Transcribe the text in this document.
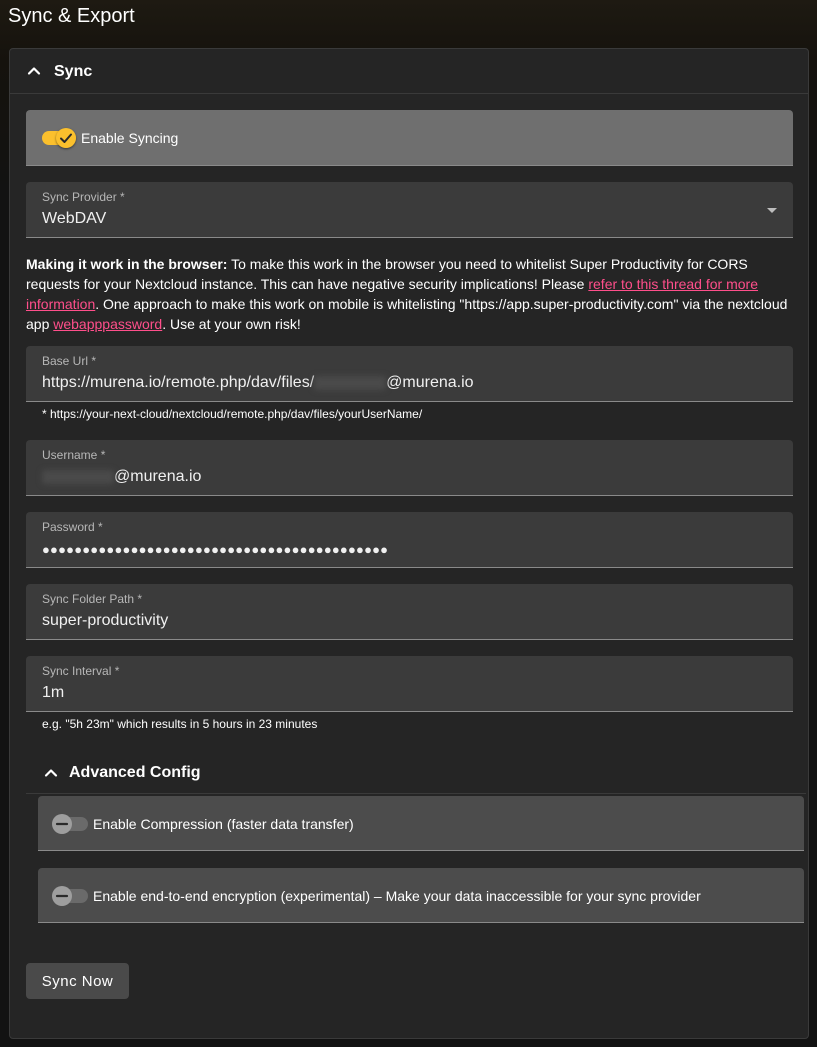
Sync & Export
Sync
Enable Syncing
Sync Provider *
WebDAV
Making it work in the browser: To make this work in the browser you need to whitelist Super Productivity for CORS requests for your Nextcloud instance. This can have negative security implications! Please refer to this thread for more information. One approach to make this work on mobile is whitelisting "https://app.super-productivity.com" via the nextcloud app webapppassword. Use at your own risk!
Base Url *
https://murena.io/remote.php/dav/files/	@murena.io
* https://your-next-cloud/nextcloud/remote.php/dav/files/yourUserName/
Username *
@murena.io
Password *
●●●●●●●●●●●●●●●●●●●●●●●●●●●●●●●●●●●●●●●●●●●
Sync Folder Path *
super-productivity
Sync Interval *
1m
e.g. "5h 23m" which results in 5 hours in 23 minutes
Advanced Config
Enable Compression (faster data transfer)
Enable end-to-end encryption (experimental) – Make your data inaccessible for your sync provider
Sync Now
